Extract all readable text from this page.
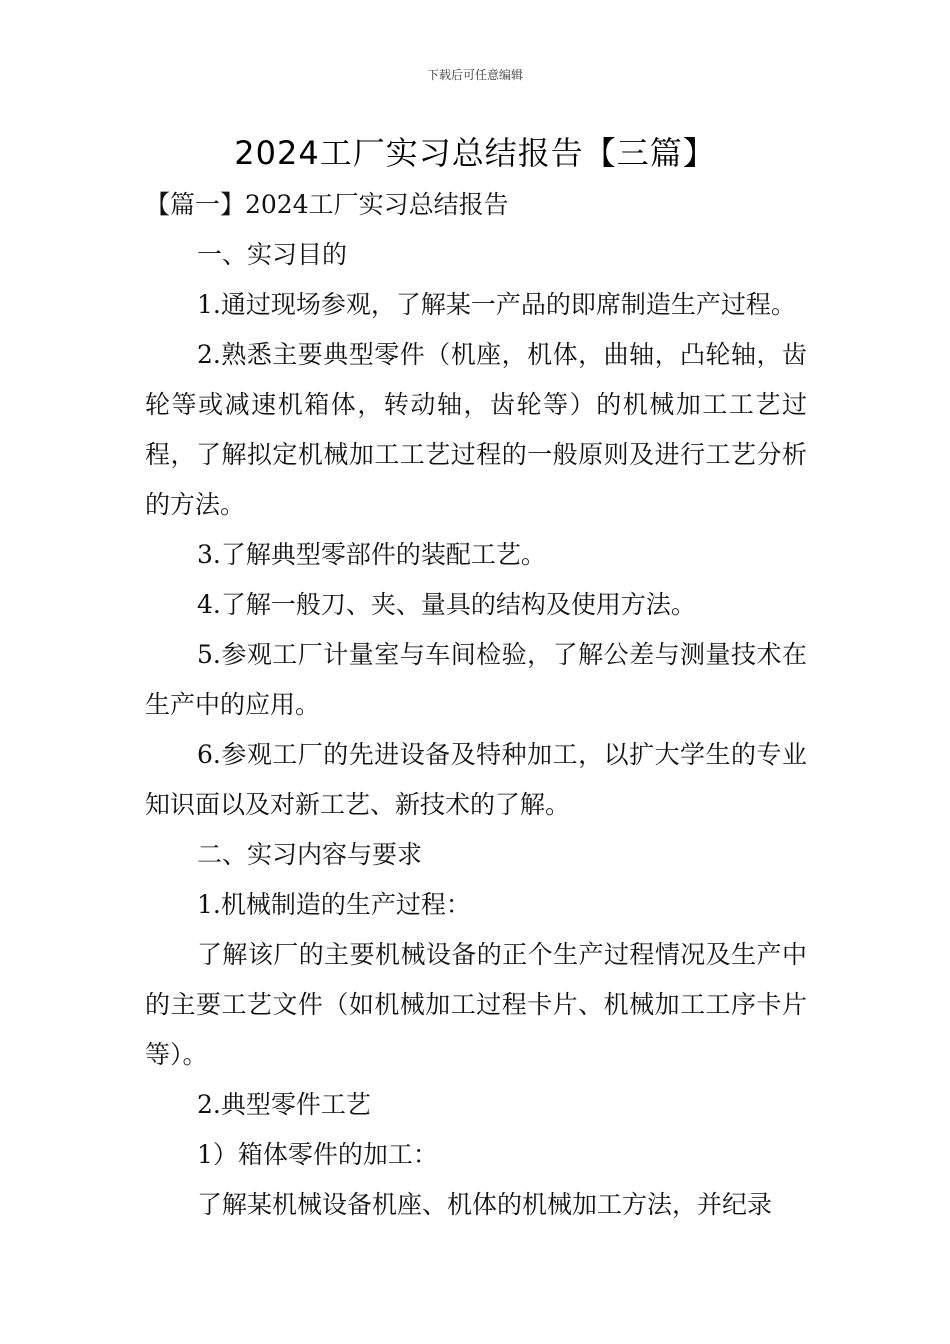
下载后可任意编辑
2024工厂实习总结报告【三篇】

【篇一】2024工厂实习总结报告

一、实习目的

1.通过现场参观，了解某一产品的即席制造生产过程。

2.熟悉主要典型零件（机座，机体，曲轴，凸轮轴，齿轮等或减速机箱体，转动轴，齿轮等）的机械加工工艺过程，了解拟定机械加工工艺过程的一般原则及进行工艺分析的方法。

3.了解典型零部件的装配工艺。

4.了解一般刀、夹、量具的结构及使用方法。

5.参观工厂计量室与车间检验，了解公差与测量技术在生产中的应用。

6.参观工厂的先进设备及特种加工，以扩大学生的专业知识面以及对新工艺、新技术的了解。

二、实习内容与要求

1.机械制造的生产过程：

了解该厂的主要机械设备的正个生产过程情况及生产中的主要工艺文件（如机械加工过程卡片、机械加工工序卡片等）。

2.典型零件工艺

1）箱体零件的加工：

了解某机械设备机座、机体的机械加工方法，并纪录
